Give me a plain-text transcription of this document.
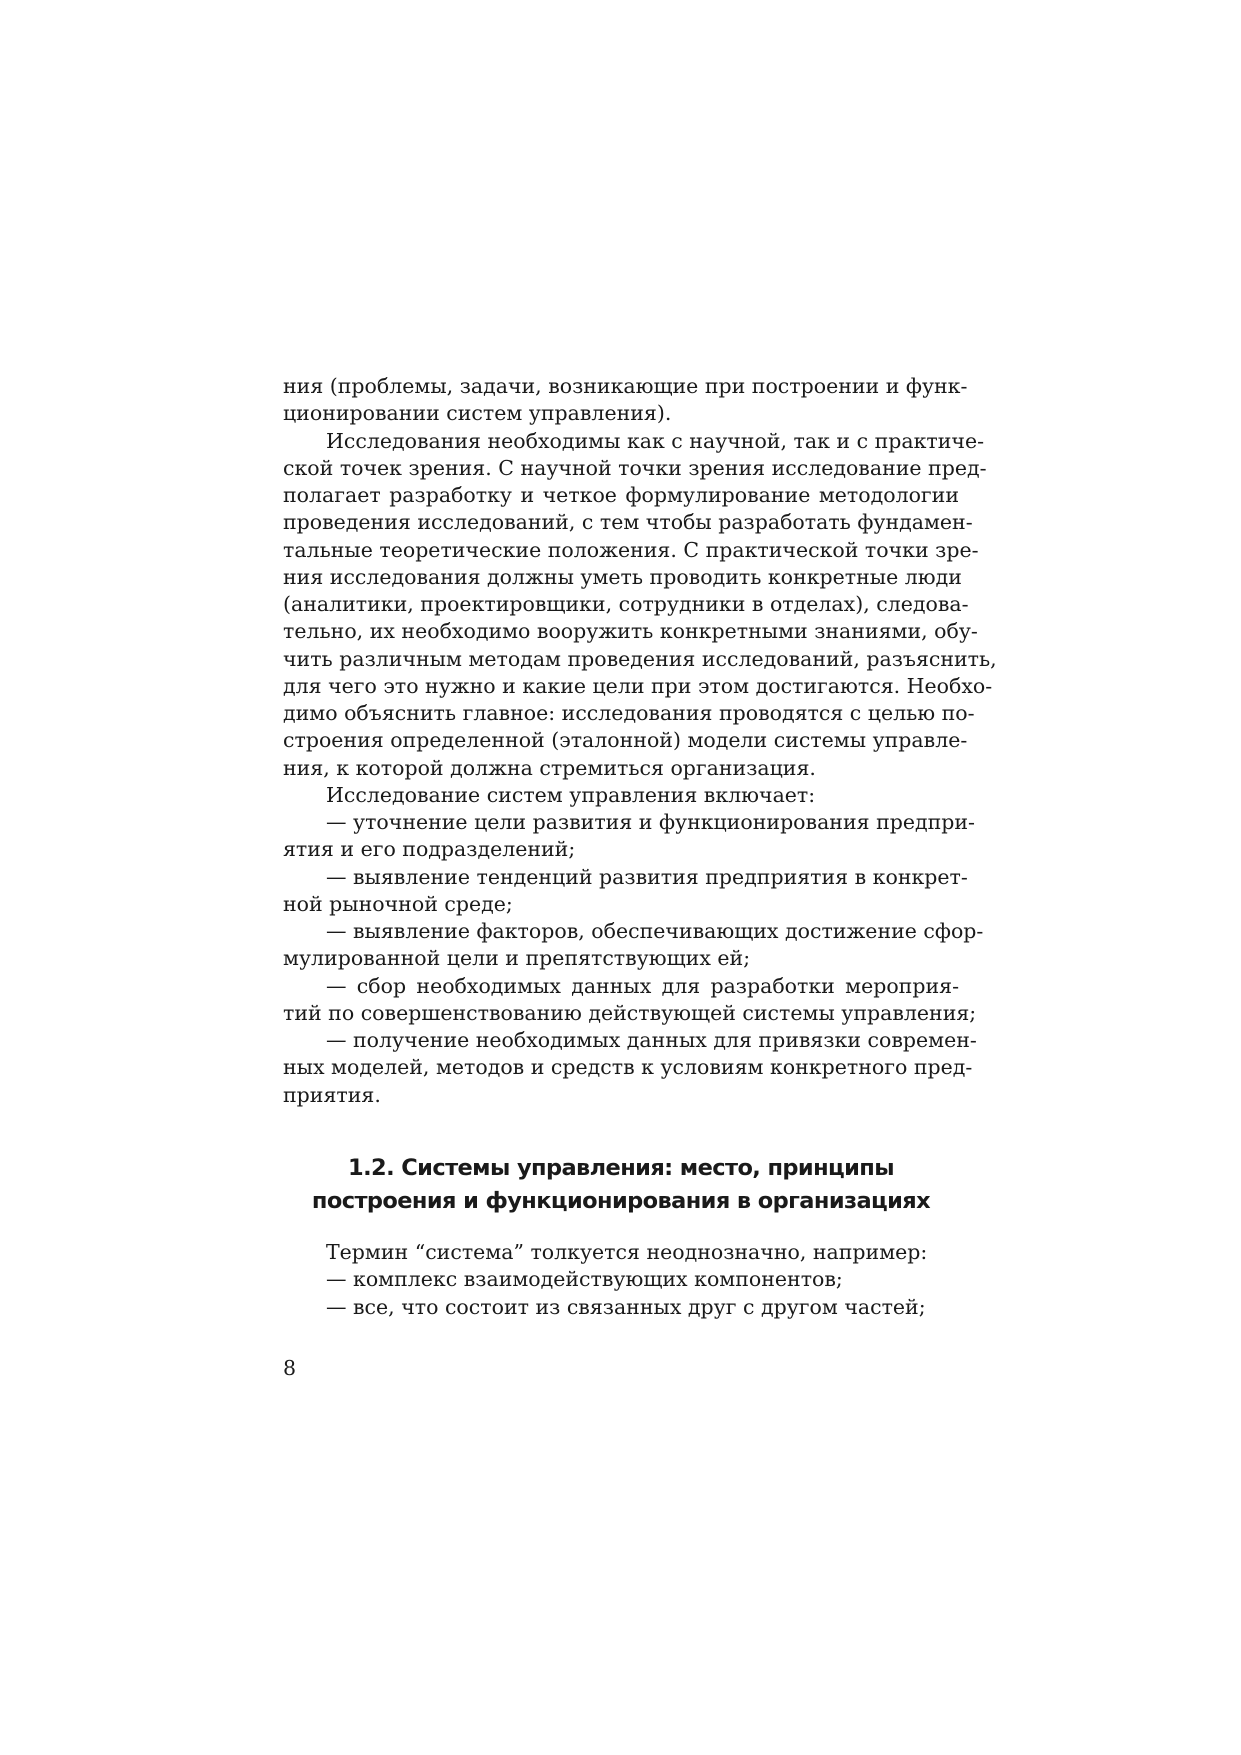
ния (проблемы, задачи, возникающие при построении и функ-
ционировании систем управления).
Исследования необходимы как с научной, так и с практиче-
ской точек зрения. С научной точки зрения исследование пред-
полагает разработку и четкое формулирование методологии
проведения исследований, с тем чтобы разработать фундамен-
тальные теоретические положения. С практической точки зре-
ния исследования должны уметь проводить конкретные люди
(аналитики, проектировщики, сотрудники в отделах), следова-
тельно, их необходимо вооружить конкретными знаниями, обу-
чить различным методам проведения исследований, разъяснить,
для чего это нужно и какие цели при этом достигаются. Необхо-
димо объяснить главное: исследования проводятся с целью по-
строения определенной (эталонной) модели системы управле-
ния, к которой должна стремиться организация.
Исследование систем управления включает:
— уточнение цели развития и функционирования предпри-
ятия и его подразделений;
— выявление тенденций развития предприятия в конкрет-
ной рыночной среде;
— выявление факторов, обеспечивающих достижение сфор-
мулированной цели и препятствующих ей;
— сбор необходимых данных для разработки мероприя-
тий по совершенствованию действующей системы управления;
— получение необходимых данных для привязки современ-
ных моделей, методов и средств к условиям конкретного пред-
приятия.
1.2. Системы управления: место, принципы
построения и функционирования в организациях
Термин “система” толкуется неоднозначно, например:
— комплекс взаимодействующих компонентов;
— все, что состоит из связанных друг с другом частей;
8
